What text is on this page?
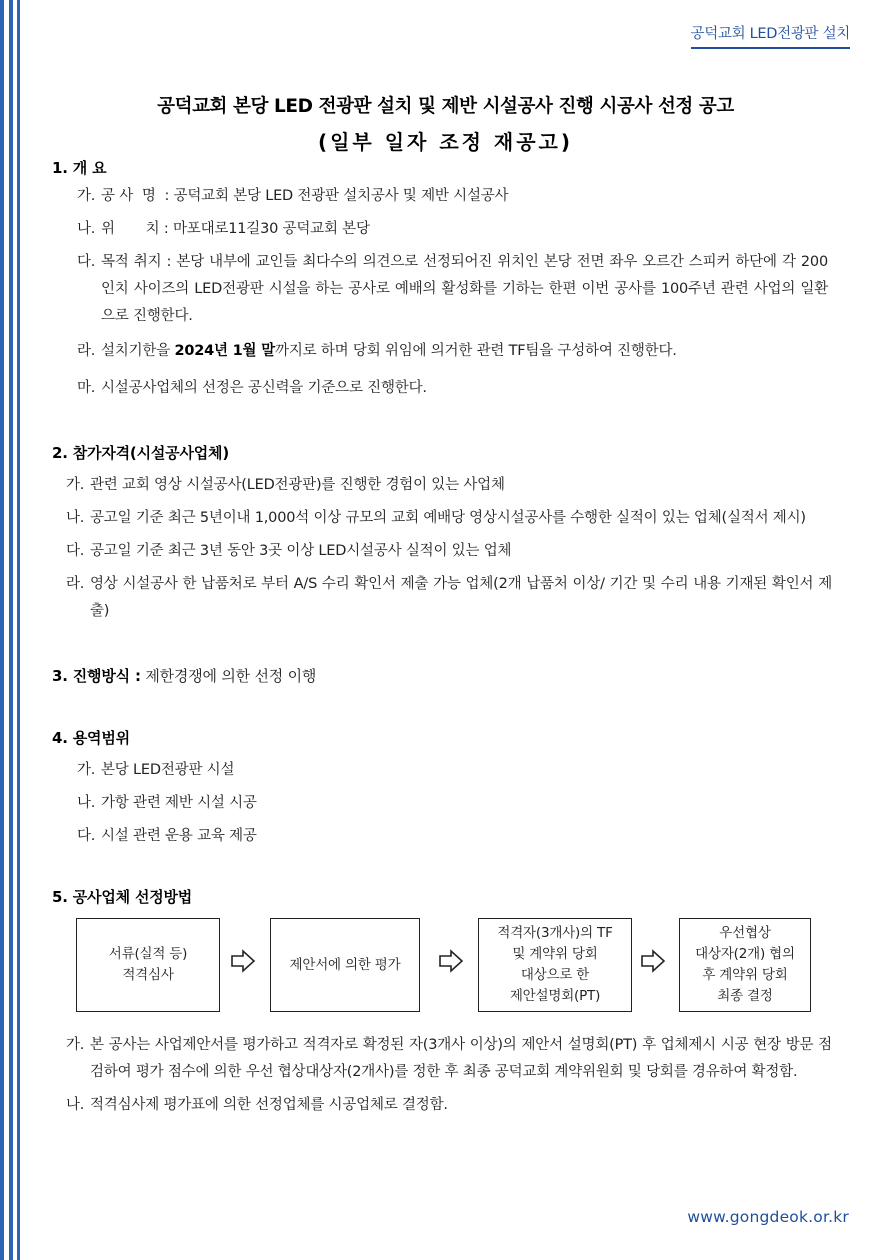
공덕교회 LED전광판 설치
공덕교회 본당 LED 전광판 설치 및 제반 시설공사 진행 시공사 선정 공고
(일부 일자 조정 재공고)

1. 개 요

가. 공 사  명  : 공덕교회 본당 LED 전광판 설치공사 및 제반 시설공사
나. 위       치 : 마포대로11길30 공덕교회 본당
다. 목적 취지 : 본당 내부에 교인들 최다수의 의견으로 선정되어진 위치인 본당 전면 좌우 오르간 스피커 하단에 각 200인치 사이즈의 LED전광판 시설을 하는 공사로 예배의 활성화를 기하는 한편 이번 공사를 100주년 관련 사업의 일환으로 진행한다.
라. 설치기한을 2024년 1월 말까지로 하며 당회 위임에 의거한 관련 TF팀을 구성하여 진행한다.
마. 시설공사업체의 선정은 공신력을 기준으로 진행한다.

2. 참가자격(시설공사업체)

가. 관련 교회 영상 시설공사(LED전광판)를 진행한 경험이 있는 사업체
나. 공고일 기준 최근 5년이내 1,000석 이상 규모의 교회 예배당 영상시설공사를 수행한 실적이 있는 업체(실적서 제시)
다. 공고일 기준 최근 3년 동안 3곳 이상 LED시설공사 실적이 있는 업체
라. 영상 시설공사 한 납품처로 부터 A/S 수리 확인서 제출 가능 업체(2개 납품처 이상/ 기간 및 수리 내용 기재된 확인서 제출)
3. 진행방식 : 제한경쟁에 의한 선정 이행

4. 용역범위

가. 본당 LED전광판 시설
나. 가항 관련 제반 시설 시공
다. 시설 관련 운용 교육 제공

5. 공사업체 선정방법

서류(실적 등)
적격심사
제안서에 의한 평가
적격자(3개사)의 TF
및 계약위 당회
대상으로 한
제안설명회(PT)
우선협상
대상자(2개) 협의
후 계약위 당회
최종 결정
가. 본 공사는 사업제안서를 평가하고 적격자로 확정된 자(3개사 이상)의 제안서 설명회(PT) 후 업체제시 시공 현장 방문 점검하여 평가 점수에 의한 우선 협상대상자(2개사)를 정한 후 최종 공덕교회 계약위원회 및 당회를 경유하여 확정함.
나. 적격심사제 평가표에 의한 선정업체를 시공업체로 결정함.
www.gongdeok.or.kr
